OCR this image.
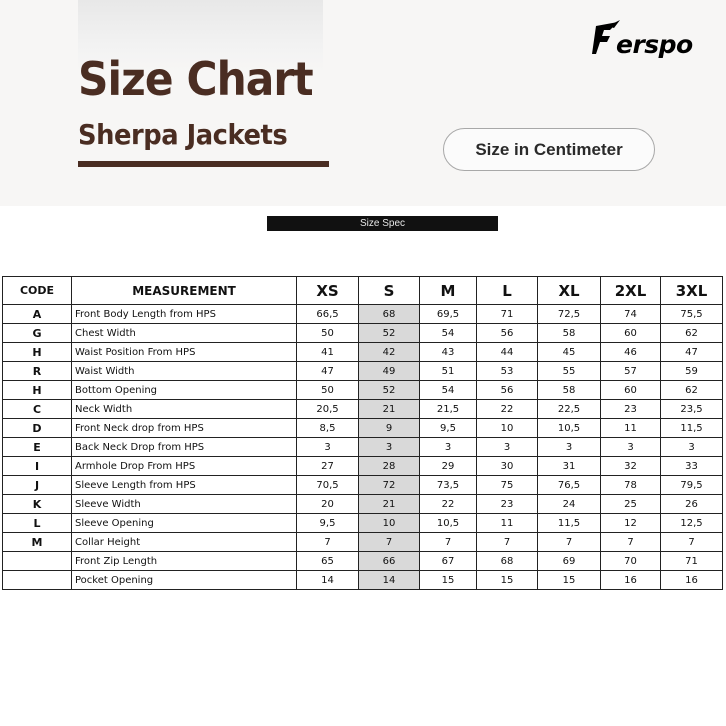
Size Chart
Sherpa Jackets
erspo
Size in Centimeter
Size Spec
CODE	MEASUREMENT	XS	S	M	L	XL	2XL	3XL
A	Front Body Length from HPS	66,5	68	69,5	71	72,5	74	75,5
G	Chest Width	50	52	54	56	58	60	62
H	Waist Position From HPS	41	42	43	44	45	46	47
R	Waist Width	47	49	51	53	55	57	59
H	Bottom Opening	50	52	54	56	58	60	62
C	Neck Width	20,5	21	21,5	22	22,5	23	23,5
D	Front Neck drop from HPS	8,5	9	9,5	10	10,5	11	11,5
E	Back Neck Drop from HPS	3	3	3	3	3	3	3
I	Armhole Drop From HPS	27	28	29	30	31	32	33
J	Sleeve Length from HPS	70,5	72	73,5	75	76,5	78	79,5
K	Sleeve Width	20	21	22	23	24	25	26
L	Sleeve Opening	9,5	10	10,5	11	11,5	12	12,5
M	Collar Height	7	7	7	7	7	7	7
	Front Zip Length	65	66	67	68	69	70	71
	Pocket Opening	14	14	15	15	15	16	16
